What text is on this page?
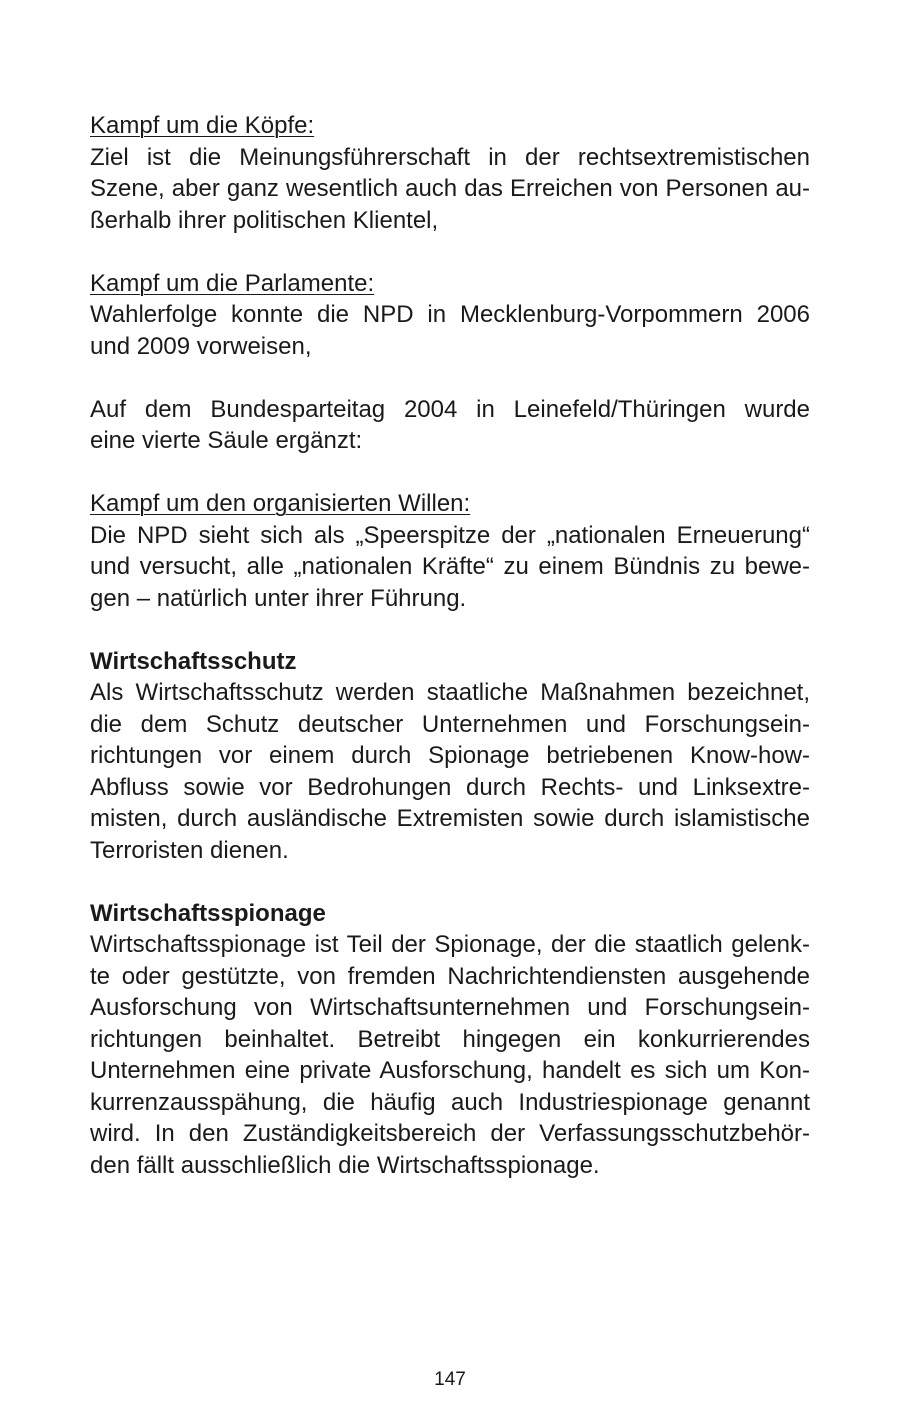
Kampf um die Köpfe:
Ziel ist die Meinungsführerschaft in der rechtsextremistischen
Szene, aber ganz wesentlich auch das Erreichen von Personen au-
ßerhalb ihrer politischen Klientel,
Kampf um die Parlamente:
Wahlerfolge konnte die NPD in Mecklenburg-Vorpommern 2006
und 2009 vorweisen,
Auf dem Bundesparteitag 2004 in Leinefeld/Thüringen wurde
eine vierte Säule ergänzt:
Kampf um den organisierten Willen:
Die NPD sieht sich als „Speerspitze der „nationalen Erneuerung“
und versucht, alle „nationalen Kräfte“ zu einem Bündnis zu bewe-
gen – natürlich unter ihrer Führung.
Wirtschaftsschutz
Als Wirtschaftsschutz werden staatliche Maßnahmen bezeichnet,
die dem Schutz deutscher Unternehmen und Forschungsein-
richtungen vor einem durch Spionage betriebenen Know-how-
Abfluss sowie vor Bedrohungen durch Rechts- und Linksextre-
misten, durch ausländische Extremisten sowie durch islamistische
Terroristen dienen.
Wirtschaftsspionage
Wirtschaftsspionage ist Teil der Spionage, der die staatlich gelenk-
te oder gestützte, von fremden Nachrichtendiensten ausgehende
Ausforschung von Wirtschaftsunternehmen und Forschungsein-
richtungen beinhaltet. Betreibt hingegen ein konkurrierendes
Unternehmen eine private Ausforschung, handelt es sich um Kon-
kurrenzausspähung, die häufig auch Industriespionage genannt
wird. In den Zuständigkeitsbereich der Verfassungsschutzbehör-
den fällt ausschließlich die Wirtschaftsspionage.
147
